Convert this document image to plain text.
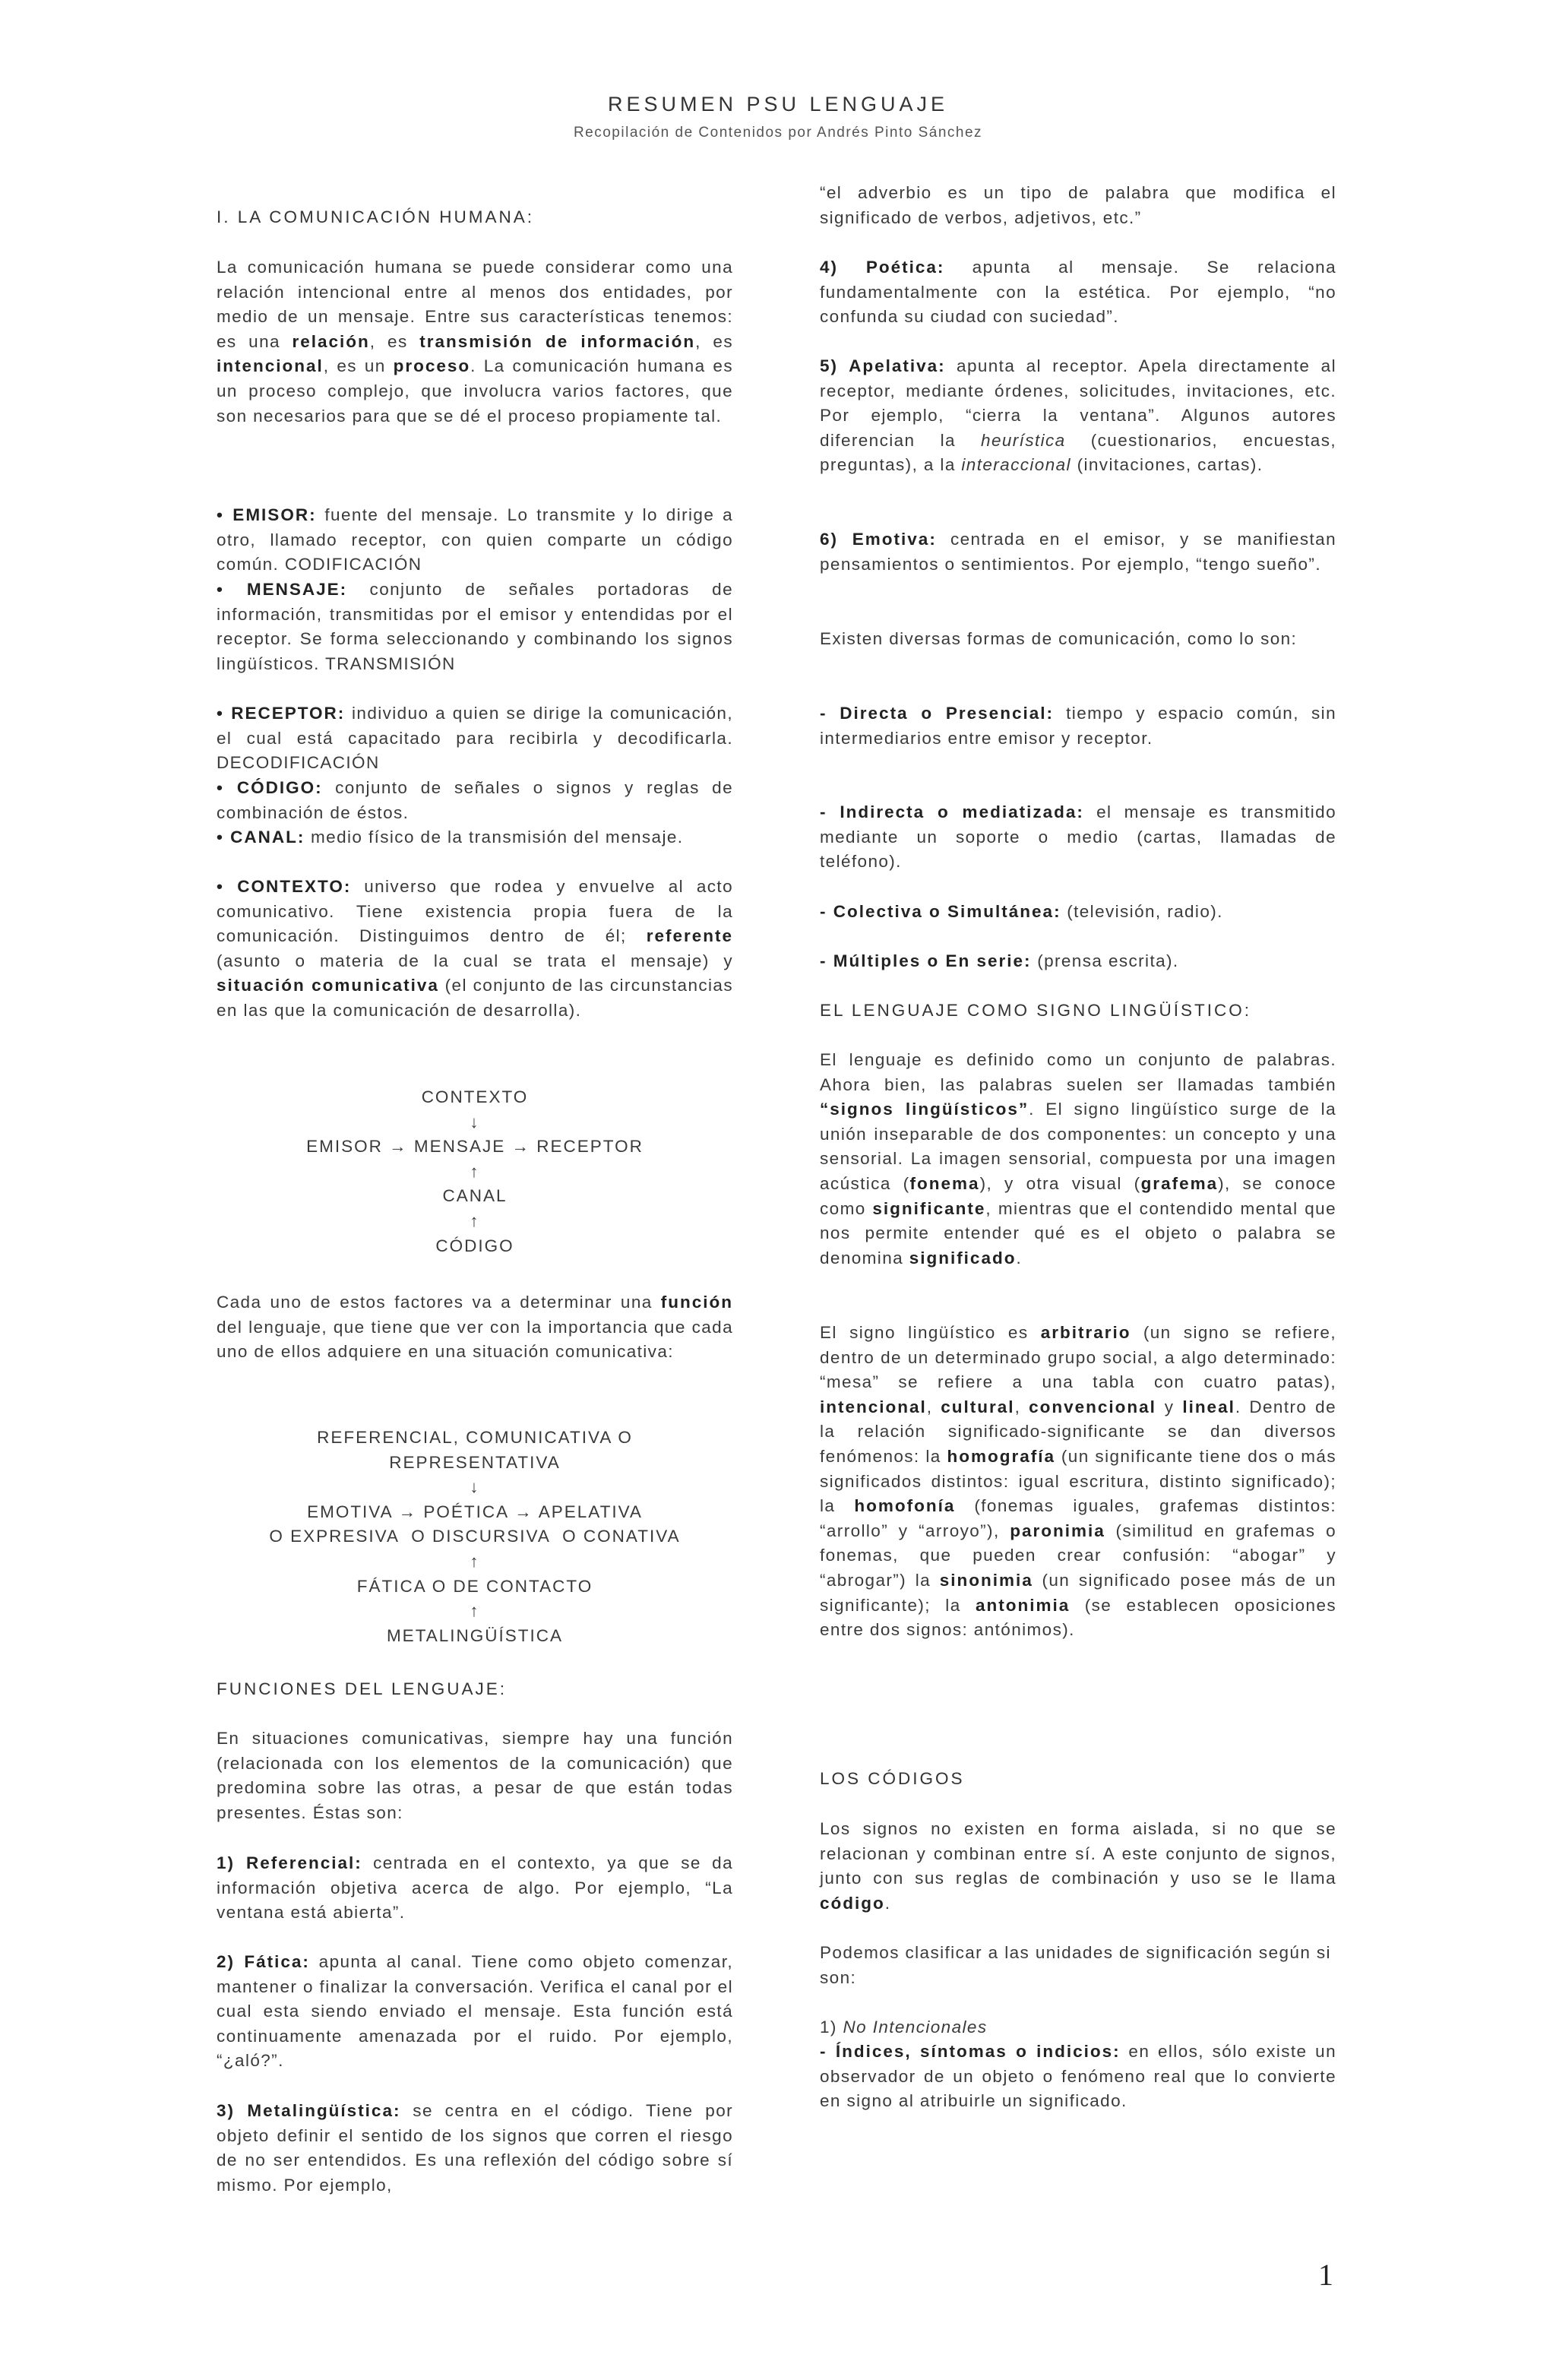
RESUMEN PSU LENGUAJE
Recopilación de Contenidos por Andrés Pinto Sánchez
I. LA COMUNICACIÓN HUMANA:

La comunicación humana se puede considerar como una relación intencional entre al menos dos entidades, por medio de un mensaje. Entre sus características tenemos: es una relación, es transmisión de información, es intencional, es un proceso. La comunicación humana es un proceso complejo, que involucra varios factores, que son necesarios para que se dé el proceso propiamente tal.

• EMISOR: fuente del mensaje. Lo transmite y lo dirige a otro, llamado receptor, con quien comparte un código común. CODIFICACIÓN

• MENSAJE: conjunto de señales portadoras de información, transmitidas por el emisor y entendidas por el receptor. Se forma seleccionando y combinando los signos lingüísticos. TRANSMISIÓN

• RECEPTOR: individuo a quien se dirige la comunicación, el cual está capacitado para recibirla y decodificarla. DECODIFICACIÓN

• CÓDIGO: conjunto de señales o signos y reglas de combinación de éstos.

• CANAL: medio físico de la transmisión del mensaje.

• CONTEXTO: universo que rodea y envuelve al acto comunicativo. Tiene existencia propia fuera de la comunicación. Distinguimos dentro de él; referente (asunto o materia de la cual se trata el mensaje) y situación comunicativa (el conjunto de las circunstancias en las que la comunicación de desarrolla).

CONTEXTO
↓
EMISOR → MENSAJE → RECEPTOR
↑
CANAL
↑
CÓDIGO

Cada uno de estos factores va a determinar una función del lenguaje, que tiene que ver con la importancia que cada uno de ellos adquiere en una situación comunicativa:

REFERENCIAL, COMUNICATIVA O
REPRESENTATIVA
↓
EMOTIVA → POÉTICA → APELATIVA
O EXPRESIVA  O DISCURSIVA  O CONATIVA
↑
FÁTICA O DE CONTACTO
↑
METALINGÜÍSTICA
FUNCIONES DEL LENGUAJE:

En situaciones comunicativas, siempre hay una función (relacionada con los elementos de la comunicación) que predomina sobre las otras, a pesar de que están todas presentes. Éstas son:

1) Referencial: centrada en el contexto, ya que se da información objetiva acerca de algo. Por ejemplo, “La ventana está abierta”.

2) Fática: apunta al canal. Tiene como objeto comenzar, mantener o finalizar la conversación. Verifica el canal por el cual esta siendo enviado el mensaje. Esta función está continuamente amenazada por el ruido. Por ejemplo, “¿aló?”.

3) Metalingüística: se centra en el código. Tiene por objeto definir el sentido de los signos que corren el riesgo de no ser entendidos. Es una reflexión del código sobre sí mismo. Por ejemplo,

“el adverbio es un tipo de palabra que modifica el significado de verbos, adjetivos, etc.”

4) Poética: apunta al mensaje. Se relaciona fundamentalmente con la estética. Por ejemplo, “no confunda su ciudad con suciedad”.

5) Apelativa: apunta al receptor. Apela directamente al receptor, mediante órdenes, solicitudes, invitaciones, etc. Por ejemplo, “cierra la ventana”. Algunos autores diferencian la heurística (cuestionarios, encuestas, preguntas), a la interaccional (invitaciones, cartas).

6) Emotiva: centrada en el emisor, y se manifiestan pensamientos o sentimientos. Por ejemplo, “tengo sueño”.

Existen diversas formas de comunicación, como lo son:

- Directa o Presencial: tiempo y espacio común, sin intermediarios entre emisor y receptor.

- Indirecta o mediatizada: el mensaje es transmitido mediante un soporte o medio (cartas, llamadas de teléfono).

- Colectiva o Simultánea: (televisión, radio).

- Múltiples o En serie: (prensa escrita).

EL LENGUAJE COMO SIGNO LINGÜÍSTICO:

El lenguaje es definido como un conjunto de palabras. Ahora bien, las palabras suelen ser llamadas también “signos lingüísticos”. El signo lingüístico surge de la unión inseparable de dos componentes: un concepto y una sensorial. La imagen sensorial, compuesta por una imagen acústica (fonema), y otra visual (grafema), se conoce como significante, mientras que el contendido mental que nos permite entender qué es el objeto o palabra se denomina significado.

El signo lingüístico es arbitrario (un signo se refiere, dentro de un determinado grupo social, a algo determinado: “mesa” se refiere a una tabla con cuatro patas), intencional, cultural, convencional y lineal. Dentro de la relación significado-significante se dan diversos fenómenos: la homografía (un significante tiene dos o más significados distintos: igual escritura, distinto significado); la homofonía (fonemas iguales, grafemas distintos: “arrollo” y “arroyo”), paronimia (similitud en grafemas o fonemas, que pueden crear confusión: “abogar” y “abrogar”) la sinonimia (un significado posee más de un significante); la antonimia (se establecen oposiciones entre dos signos: antónimos).

LOS CÓDIGOS

Los signos no existen en forma aislada, si no que se relacionan y combinan entre sí. A este conjunto de signos, junto con sus reglas de combinación y uso se le llama código.

Podemos clasificar a las unidades de significación según si son:

1) No Intencionales

- Índices, síntomas o indicios: en ellos, sólo existe un observador de un objeto o fenómeno real que lo convierte en signo al atribuirle un significado.

1
